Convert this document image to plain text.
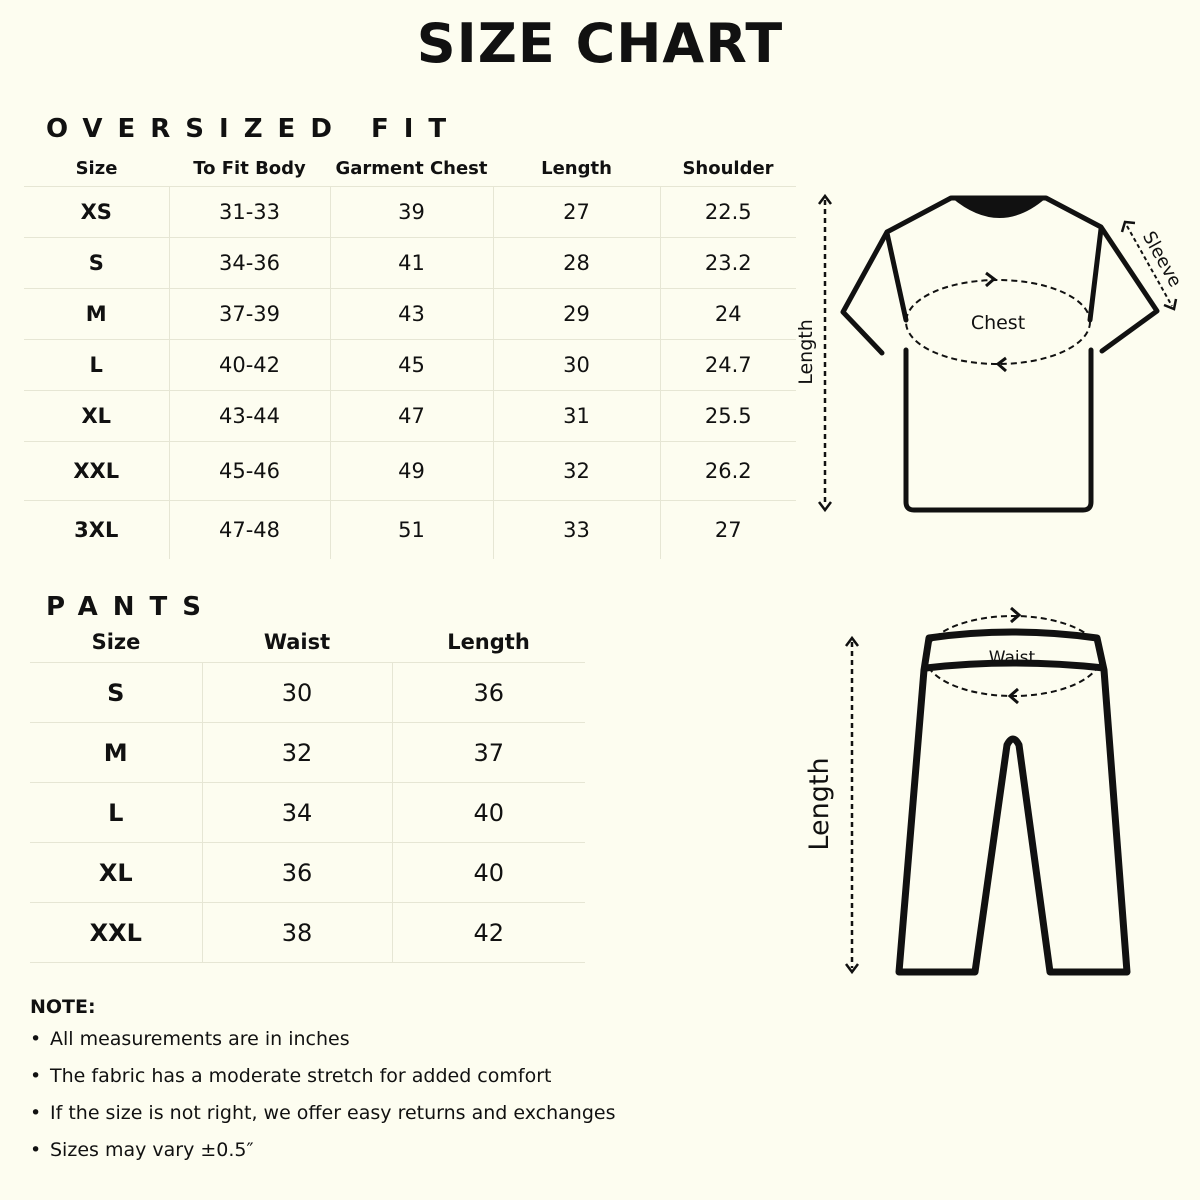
SIZE CHART
OVERSIZED FIT
Size	To Fit Body	Garment Chest	Length	Shoulder
XS	31-33	39	27	22.5
S	34-36	41	28	23.2
M	37-39	43	29	24
L	40-42	45	30	24.7
XL	43-44	47	31	25.5
XXL	45-46	49	32	26.2
3XL	47-48	51	33	27
Length	Chest
Sleeve
PANTS
Size	Waist	Length
S	30	36
M	32	37
L	34	40
XL	36	40
XXL	38	42
Length
Waist

NOTE:

• All measurements are in inches
• The fabric has a moderate stretch for added comfort
• If the size is not right, we offer easy returns and exchanges
• Sizes may vary ±0.5″
